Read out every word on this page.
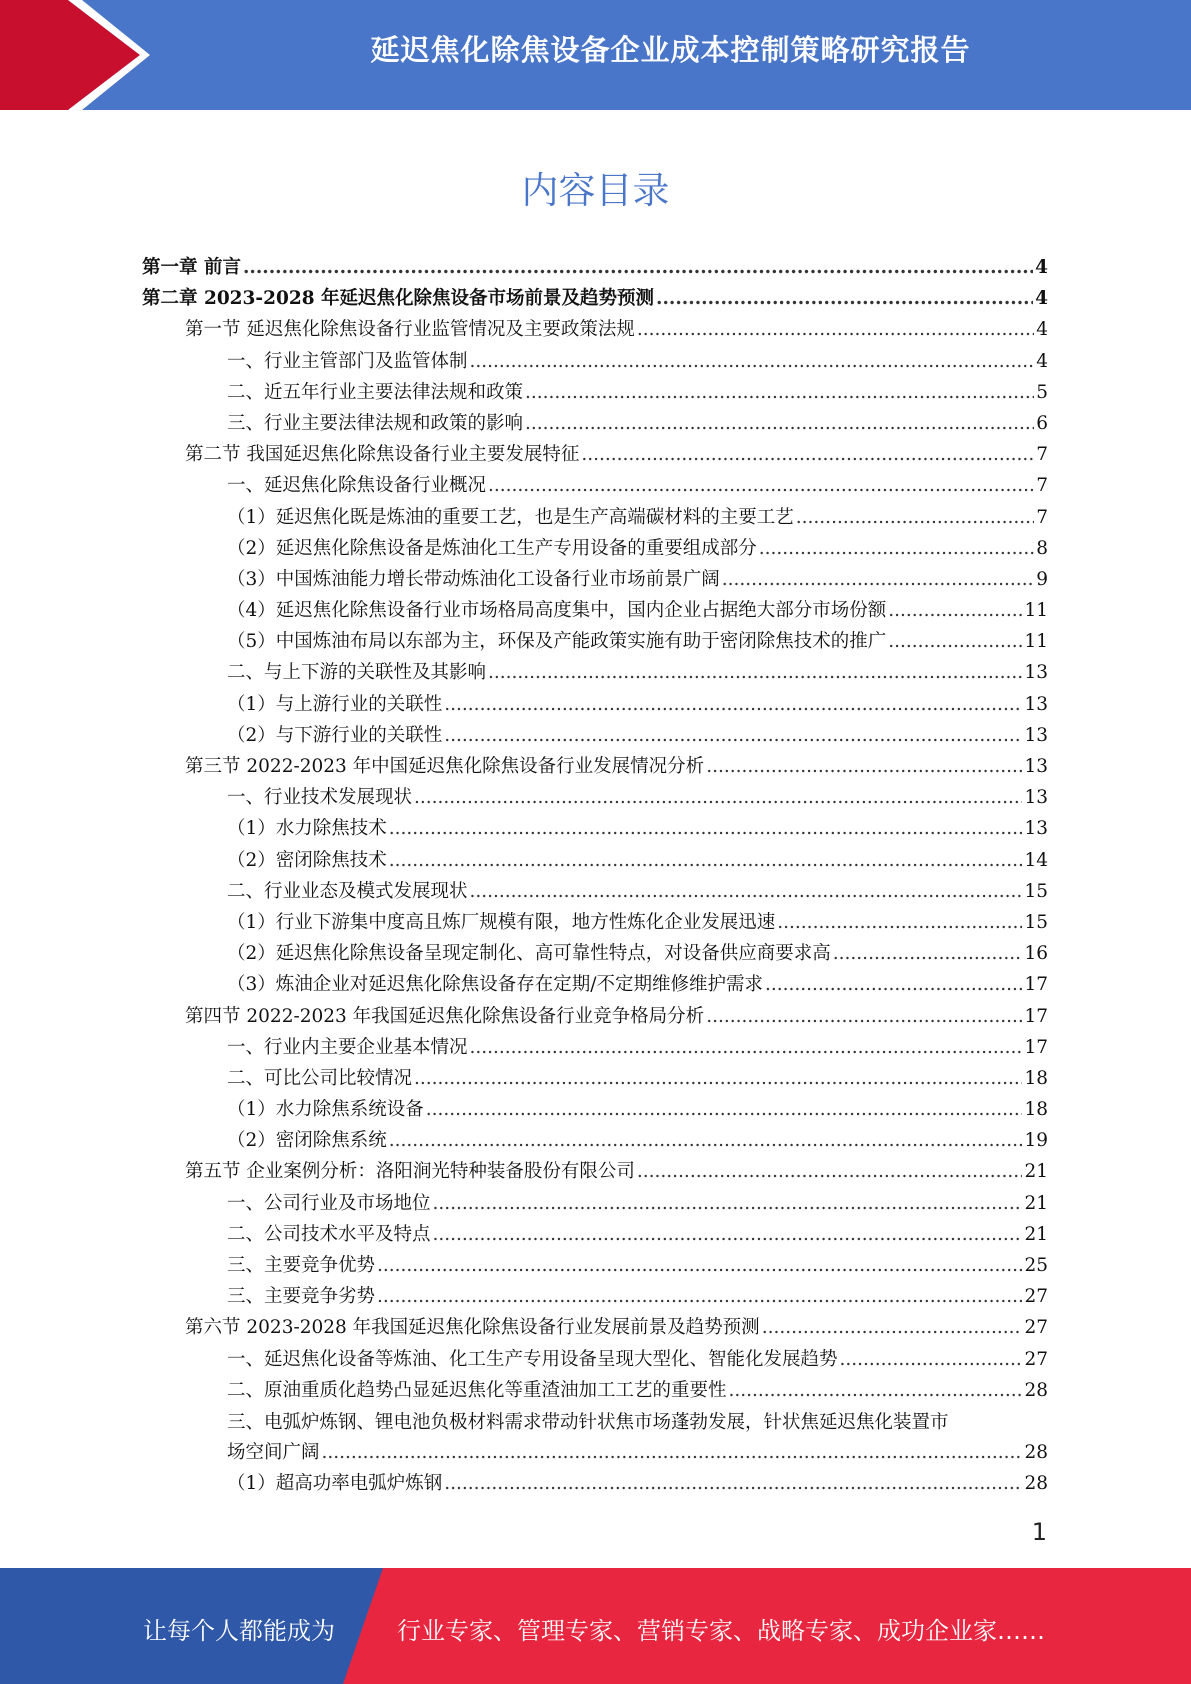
延迟焦化除焦设备企业成本控制策略研究报告
内容目录
第一章 前言 .....	4
第二章 2023-2028 年延迟焦化除焦设备市场前景及趋势预测 .....	4
第一节 延迟焦化除焦设备行业监管情况及主要政策法规 .....	4
一、行业主管部门及监管体制 .....	4
二、近五年行业主要法律法规和政策 .....	5
三、行业主要法律法规和政策的影响 .....	6
第二节 我国延迟焦化除焦设备行业主要发展特征 .....	7
一、延迟焦化除焦设备行业概况 .....	7
（1）延迟焦化既是炼油的重要工艺，也是生产高端碳材料的主要工艺 .....	7
（2）延迟焦化除焦设备是炼油化工生产专用设备的重要组成部分 .....	8
（3）中国炼油能力增长带动炼油化工设备行业市场前景广阔 .....	9
（4）延迟焦化除焦设备行业市场格局高度集中，国内企业占据绝大部分市场份额 .....	11
（5）中国炼油布局以东部为主，环保及产能政策实施有助于密闭除焦技术的推广 .....	11
二、与上下游的关联性及其影响 .....	13
（1）与上游行业的关联性 .....	13
（2）与下游行业的关联性 .....	13
第三节 2022-2023 年中国延迟焦化除焦设备行业发展情况分析 .....	13
一、行业技术发展现状 .....	13
（1）水力除焦技术 .....	13
（2）密闭除焦技术 .....	14
二、行业业态及模式发展现状 .....	15
（1）行业下游集中度高且炼厂规模有限，地方性炼化企业发展迅速 .....	15
（2）延迟焦化除焦设备呈现定制化、高可靠性特点，对设备供应商要求高 .....	16
（3）炼油企业对延迟焦化除焦设备存在定期/不定期维修维护需求 .....	17
第四节 2022-2023 年我国延迟焦化除焦设备行业竞争格局分析 .....	17
一、行业内主要企业基本情况 .....	17
二、可比公司比较情况 .....	18
（1）水力除焦系统设备 .....	18
（2）密闭除焦系统 .....	19
第五节 企业案例分析：洛阳涧光特种装备股份有限公司 .....	21
一、公司行业及市场地位 .....	21
二、公司技术水平及特点 .....	21
三、主要竞争优势 .....	25
三、主要竞争劣势 .....	27
第六节 2023-2028 年我国延迟焦化除焦设备行业发展前景及趋势预测 .....	27
一、延迟焦化设备等炼油、化工生产专用设备呈现大型化、智能化发展趋势 .....	27
二、原油重质化趋势凸显延迟焦化等重渣油加工工艺的重要性 .....	28
三、电弧炉炼钢、锂电池负极材料需求带动针状焦市场蓬勃发展，针状焦延迟焦化装置市
场空间广阔 .....	28
（1）超高功率电弧炉炼钢 .....	28
1
让每个人都能成为	行业专家、管理专家、营销专家、战略专家、成功企业家……
